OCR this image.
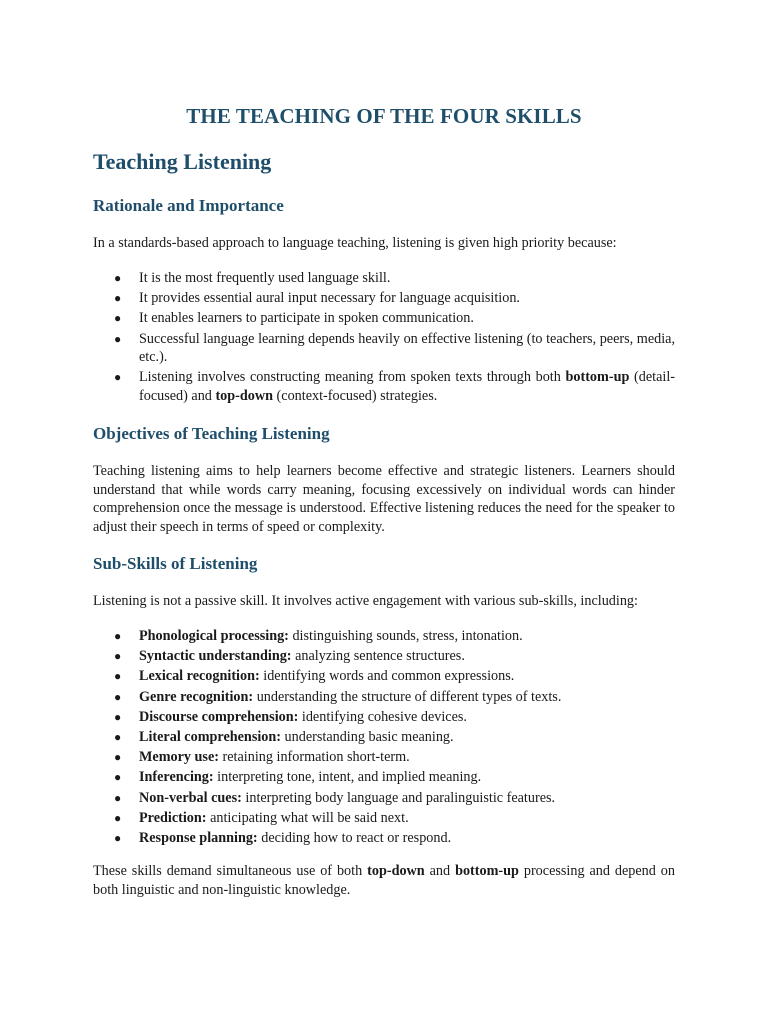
THE TEACHING OF THE FOUR SKILLS
Teaching Listening
Rationale and Importance

In a standards-based approach to language teaching, listening is given high priority because:

● It is the most frequently used language skill.
● It provides essential aural input necessary for language acquisition.
● It enables learners to participate in spoken communication.
● Successful language learning depends heavily on effective listening (to teachers, peers, media, etc.).
● Listening involves constructing meaning from spoken texts through both bottom-up (detail-focused) and top-down (context-focused) strategies.
Objectives of Teaching Listening

Teaching listening aims to help learners become effective and strategic listeners. Learners should understand that while words carry meaning, focusing excessively on individual words can hinder comprehension once the message is understood. Effective listening reduces the need for the speaker to adjust their speech in terms of speed or complexity.

Sub-Skills of Listening

Listening is not a passive skill. It involves active engagement with various sub-skills, including:

● Phonological processing: distinguishing sounds, stress, intonation.
● Syntactic understanding: analyzing sentence structures.
● Lexical recognition: identifying words and common expressions.
● Genre recognition: understanding the structure of different types of texts.
● Discourse comprehension: identifying cohesive devices.
● Literal comprehension: understanding basic meaning.
● Memory use: retaining information short-term.
● Inferencing: interpreting tone, intent, and implied meaning.
● Non-verbal cues: interpreting body language and paralinguistic features.
● Prediction: anticipating what will be said next.
● Response planning: deciding how to react or respond.

These skills demand simultaneous use of both top-down and bottom-up processing and depend on both linguistic and non-linguistic knowledge.
